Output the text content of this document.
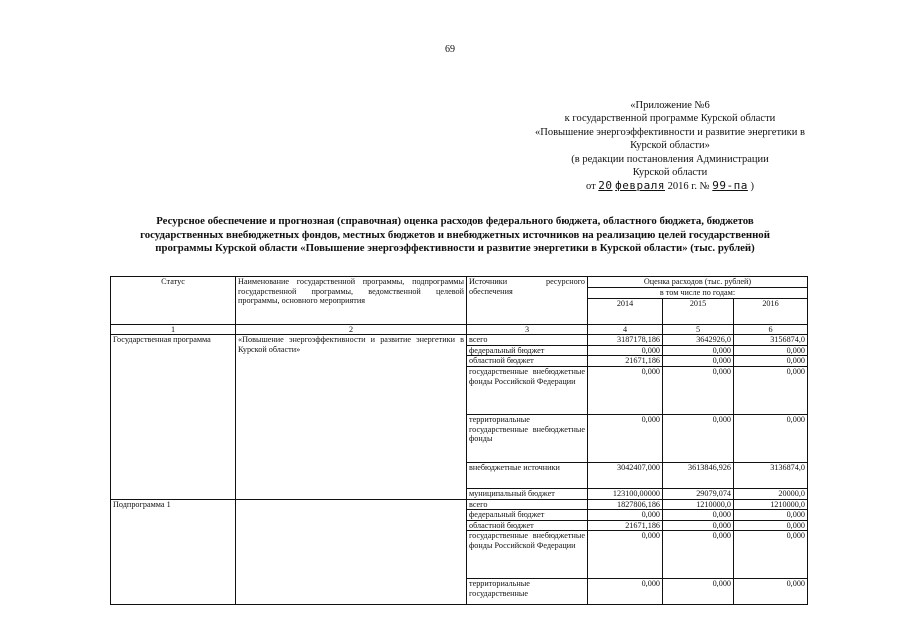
69
«Приложение №6
к государственной программе Курской области
«Повышение энергоэффективности и развитие энергетики в
Курской области»
(в редакции постановления Администрации
Курской области
от 20 февраля 2016 г. № 99-па )
Ресурсное обеспечение и прогнозная (справочная) оценка расходов федерального бюджета, областного бюджета, бюджетов
государственных внебюджетных фондов, местных бюджетов и внебюджетных источников на реализацию целей государственной
программы Курской области «Повышение энергоэффективности и развитие энергетики в Курской области» (тыс. рублей)
Статус	Наименование государственной программы, подпрограммы государственной программы, ведомственной целевой программы, основного мероприятия	Источники ресурсного обеспечения	Оценка расходов (тыс. рублей)		
			в том числе по годам:		
			2014	2015	2016
1	2	3	4	5	6
Государственная программа	«Повышение энергоэффективности и развитие энергетики в Курской области»	всего	3187178,186	3642926,0	3156874,0
		федеральный бюджет	0,000	0,000	0,000
		областной бюджет	21671,186	0,000	0,000
		государственные внебюджетные фонды Российской Федерации	0,000	0,000	0,000
		территориальные государственные внебюджетные фонды	0,000	0,000	0,000
		внебюджетные источники	3042407,000	3613846,926	3136874,0
		муниципальный бюджет	123100,00000	29079,074	20000,0
Подпрограмма 1		всего	1827806,186	1210000,0	1210000,0
		федеральный бюджет	0,000	0,000	0,000
		областной бюджет	21671,186	0,000	0,000
		государственные внебюджетные фонды Российской Федерации	0,000	0,000	0,000
		территориальные государственные	0,000	0,000	0,000
